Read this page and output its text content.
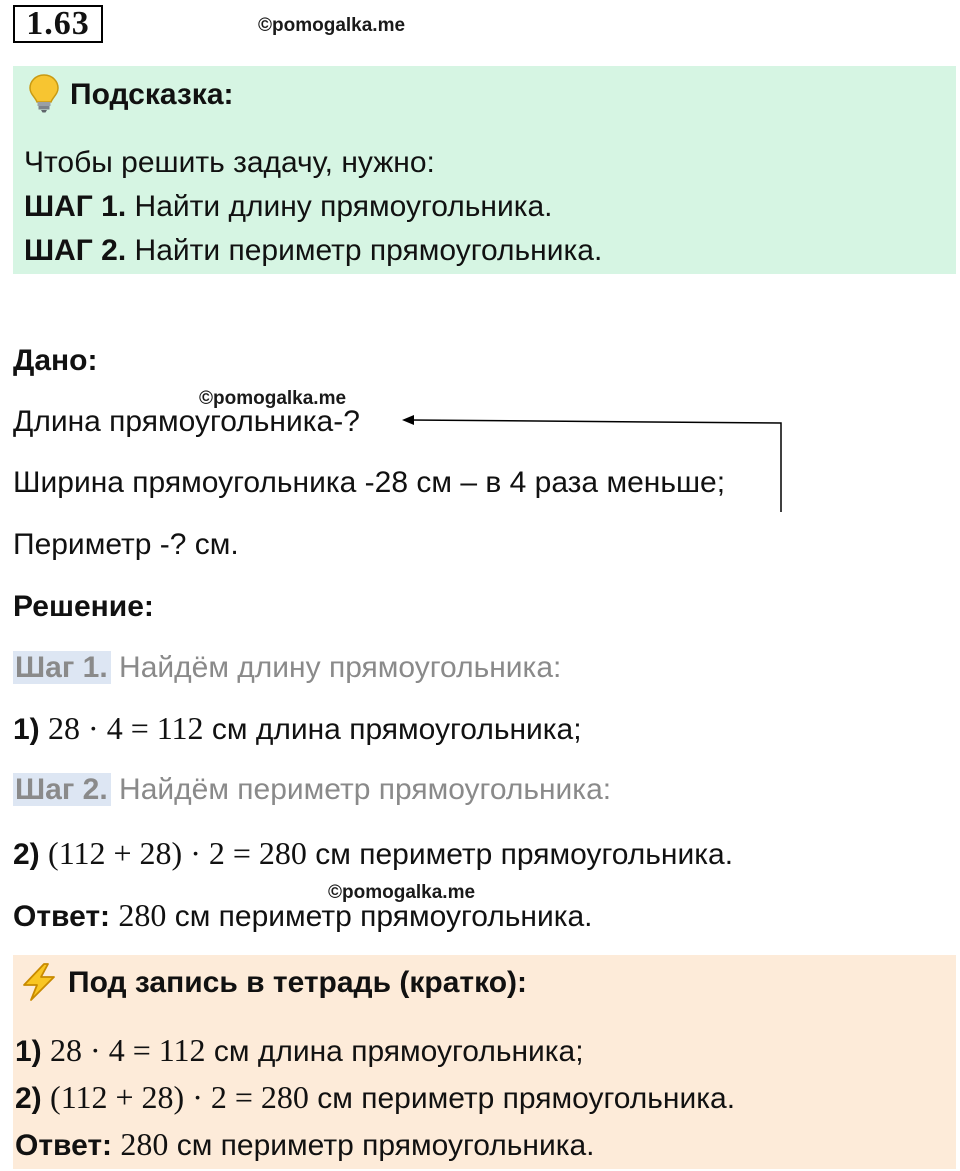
1.63	©pomogalka.me
Подсказка:
Чтобы решить задачу, нужно:
ШАГ 1. Найти длину прямоугольника.
ШАГ 2. Найти периметр прямоугольника.
Дано:
©pomogalka.me
Длина прямоугольника-?
Ширина прямоугольника -28 см – в 4 раза меньше;
Периметр -? см.
Решение:
Шаг 1. Найдём длину прямоугольника:
1) 28 · 4 = 112 см длина прямоугольника;
Шаг 2. Найдём периметр прямоугольника:
2) (112 + 28) · 2 = 280 см периметр прямоугольника.
©pomogalka.me
Ответ: 280 см периметр прямоугольника.
Под запись в тетрадь (кратко):
1) 28 · 4 = 112 см длина прямоугольника;
2) (112 + 28) · 2 = 280 см периметр прямоугольника.
Ответ: 280 см периметр прямоугольника.
